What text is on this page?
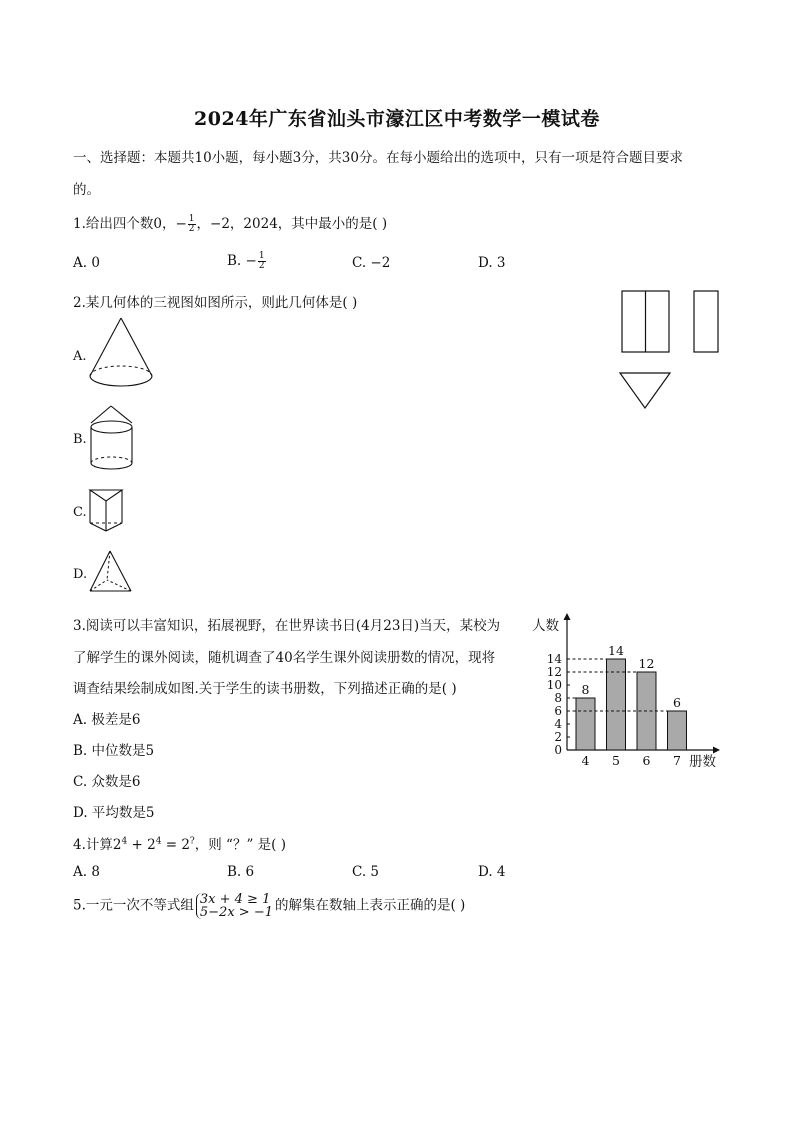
2024年广东省汕头市濠江区中考数学一模试卷
一、选择题：本题共10小题，每小题3分，共30分。在每小题给出的选项中，只有一项是符合题目要求
的。
1.给出四个数0，− $\frac{1}{2}$ ，−2，2024，其中最小的是( )
A. 0	B. − $\frac{1}{2}$	C. −2	D. 3
2.某几何体的三视图如图所示，则此几何体是( )
A.
B.
C.
D.
3.阅读可以丰富知识，拓展视野，在世界读书日(4月23日)当天，某校为
了解学生的课外阅读，随机调查了40名学生课外阅读册数的情况，现将
调查结果绘制成如图.关于学生的读书册数，下列描述正确的是( )
A. 极差是6
B. 中位数是5
C. 众数是6
D. 平均数是5
人数
册数
0
2
4
6
8
10
12
14
8
4
14
5
12
6
6
7
4.计算$2^4 + 2^4 = 2^?$，则 “？” 是( )
A. 8	B. 6	C. 5	D. 4
5.一元一次不等式组 3x + 4 ≥ 1
5−2x > −1 的解集在数轴上表示正确的是( )
